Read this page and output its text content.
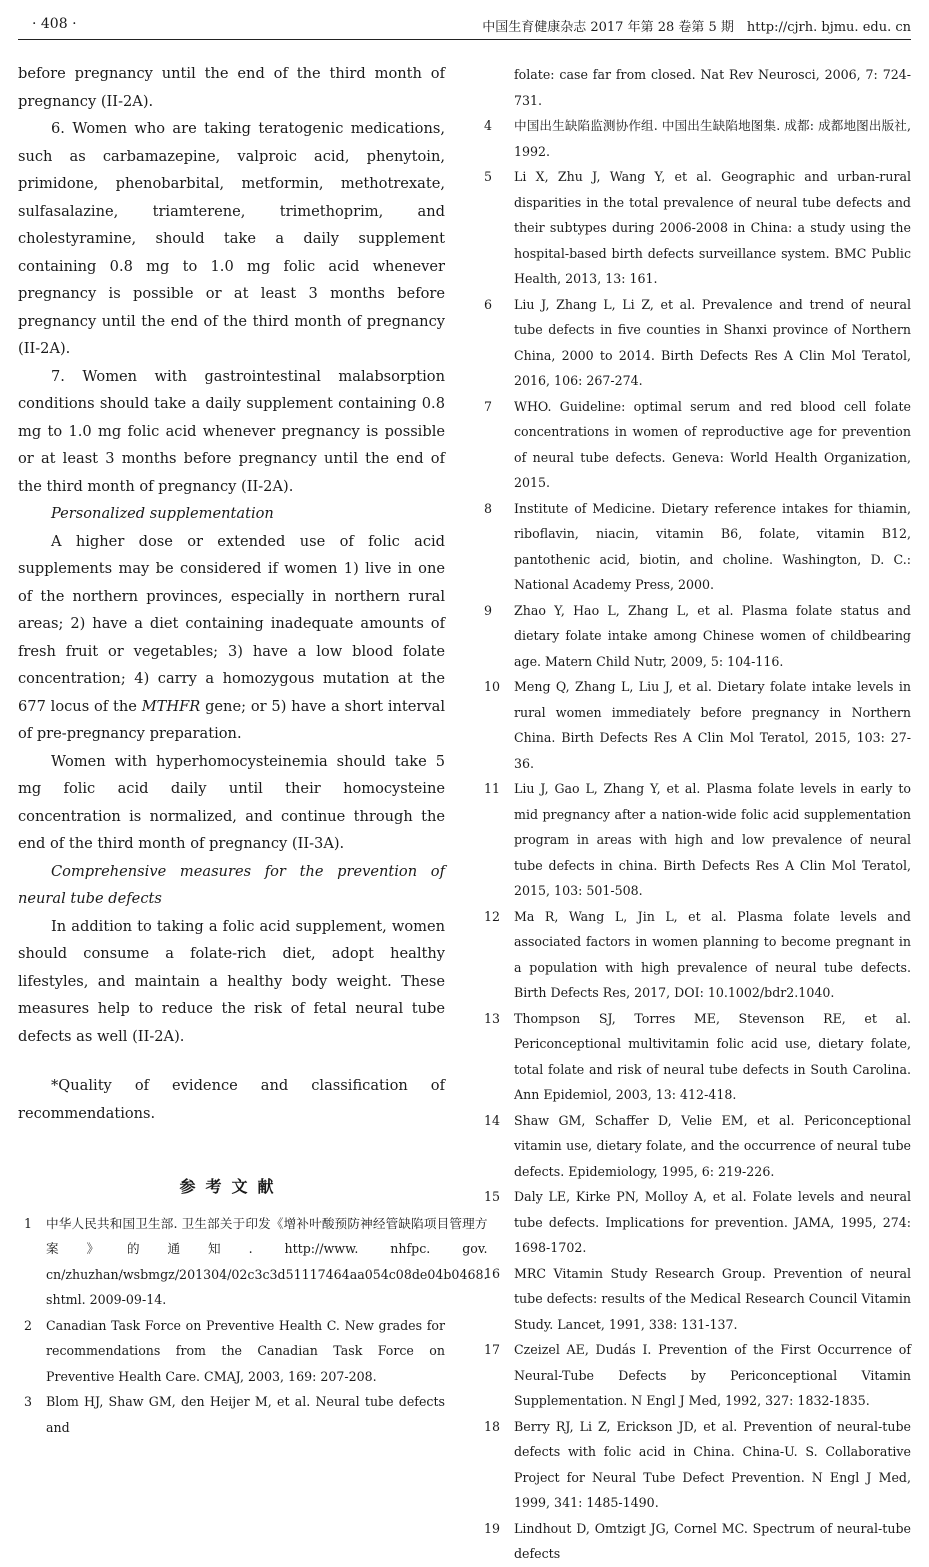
· 408 ·	中国生育健康杂志 2017 年第 28 卷第 5 期　http://cjrh. bjmu. edu. cn

before pregnancy until the end of the third month of pregnancy (II-2A).

6. Women who are taking teratogenic medications, such as carbamazepine, valproic acid, phenytoin, primidone, phenobarbital, metformin, methotrexate, sulfasalazine, triamterene, trimethoprim, and cholestyramine, should take a daily supplement containing 0.8 mg to 1.0 mg folic acid whenever pregnancy is possible or at least 3 months before pregnancy until the end of the third month of pregnancy (II-2A).

7. Women with gastrointestinal malabsorption conditions should take a daily supplement containing 0.8 mg to 1.0 mg folic acid whenever pregnancy is possible or at least 3 months before pregnancy until the end of the third month of pregnancy (II-2A).

Personalized supplementation

A higher dose or extended use of folic acid supplements may be considered if women 1) live in one of the northern provinces, especially in northern rural areas; 2) have a diet containing inadequate amounts of fresh fruit or vegetables; 3) have a low blood folate concentration; 4) carry a homozygous mutation at the 677 locus of the MTHFR gene; or 5) have a short interval of pre-pregnancy preparation.

Women with hyperhomocysteinemia should take 5 mg folic acid daily until their homocysteine concentration is normalized, and continue through the end of the third month of pregnancy (II-3A).

Comprehensive measures for the prevention of neural tube defects

In addition to taking a folic acid supplement, women should consume a folate-rich diet, adopt healthy lifestyles, and maintain a healthy body weight. These measures help to reduce the risk of fetal neural tube defects as well (II-2A).

*Quality of evidence and classification of recommendations.

参考文献

1	中华人民共和国卫生部. 卫生部关于印发《增补叶酸预防神经管缺陷项目管理方案》的通知. http://www. nhfpc. gov. cn/zhuzhan/wsbmgz/201304/02c3c3d51117464aa054c08de04b0468. shtml. 2009-09-14.
2	Canadian Task Force on Preventive Health C. New grades for recommendations from the Canadian Task Force on Preventive Health Care. CMAJ, 2003, 169: 207-208.
3	Blom HJ, Shaw GM, den Heijer M, et al. Neural tube defects and
folate: case far from closed. Nat Rev Neurosci, 2006, 7: 724-731.
4	中国出生缺陷监测协作组. 中国出生缺陷地图集. 成都: 成都地图出版社, 1992.
5	Li X, Zhu J, Wang Y, et al. Geographic and urban-rural disparities in the total prevalence of neural tube defects and their subtypes during 2006-2008 in China: a study using the hospital-based birth defects surveillance system. BMC Public Health, 2013, 13: 161.
6	Liu J, Zhang L, Li Z, et al. Prevalence and trend of neural tube defects in five counties in Shanxi province of Northern China, 2000 to 2014. Birth Defects Res A Clin Mol Teratol, 2016, 106: 267-274.
7	WHO. Guideline: optimal serum and red blood cell folate concentrations in women of reproductive age for prevention of neural tube defects. Geneva: World Health Organization, 2015.
8	Institute of Medicine. Dietary reference intakes for thiamin, riboflavin, niacin, vitamin B6, folate, vitamin B12, pantothenic acid, biotin, and choline. Washington, D. C.: National Academy Press, 2000.
9	Zhao Y, Hao L, Zhang L, et al. Plasma folate status and dietary folate intake among Chinese women of childbearing age. Matern Child Nutr, 2009, 5: 104-116.
10	Meng Q, Zhang L, Liu J, et al. Dietary folate intake levels in rural women immediately before pregnancy in Northern China. Birth Defects Res A Clin Mol Teratol, 2015, 103: 27-36.
11	Liu J, Gao L, Zhang Y, et al. Plasma folate levels in early to mid pregnancy after a nation-wide folic acid supplementation program in areas with high and low prevalence of neural tube defects in china. Birth Defects Res A Clin Mol Teratol, 2015, 103: 501-508.
12	Ma R, Wang L, Jin L, et al. Plasma folate levels and associated factors in women planning to become pregnant in a population with high prevalence of neural tube defects. Birth Defects Res, 2017, DOI: 10.1002/bdr2.1040.
13	Thompson SJ, Torres ME, Stevenson RE, et al. Periconceptional multivitamin folic acid use, dietary folate, total folate and risk of neural tube defects in South Carolina. Ann Epidemiol, 2003, 13: 412-418.
14	Shaw GM, Schaffer D, Velie EM, et al. Periconceptional vitamin use, dietary folate, and the occurrence of neural tube defects. Epidemiology, 1995, 6: 219-226.
15	Daly LE, Kirke PN, Molloy A, et al. Folate levels and neural tube defects. Implications for prevention. JAMA, 1995, 274: 1698-1702.
16	MRC Vitamin Study Research Group. Prevention of neural tube defects: results of the Medical Research Council Vitamin Study. Lancet, 1991, 338: 131-137.
17	Czeizel AE, Dudás I. Prevention of the First Occurrence of Neural-Tube Defects by Periconceptional Vitamin Supplementation. N Engl J Med, 1992, 327: 1832-1835.
18	Berry RJ, Li Z, Erickson JD, et al. Prevention of neural-tube defects with folic acid in China. China-U. S. Collaborative Project for Neural Tube Defect Prevention. N Engl J Med, 1999, 341: 1485-1490.
19	Lindhout D, Omtzigt JG, Cornel MC. Spectrum of neural-tube defects
